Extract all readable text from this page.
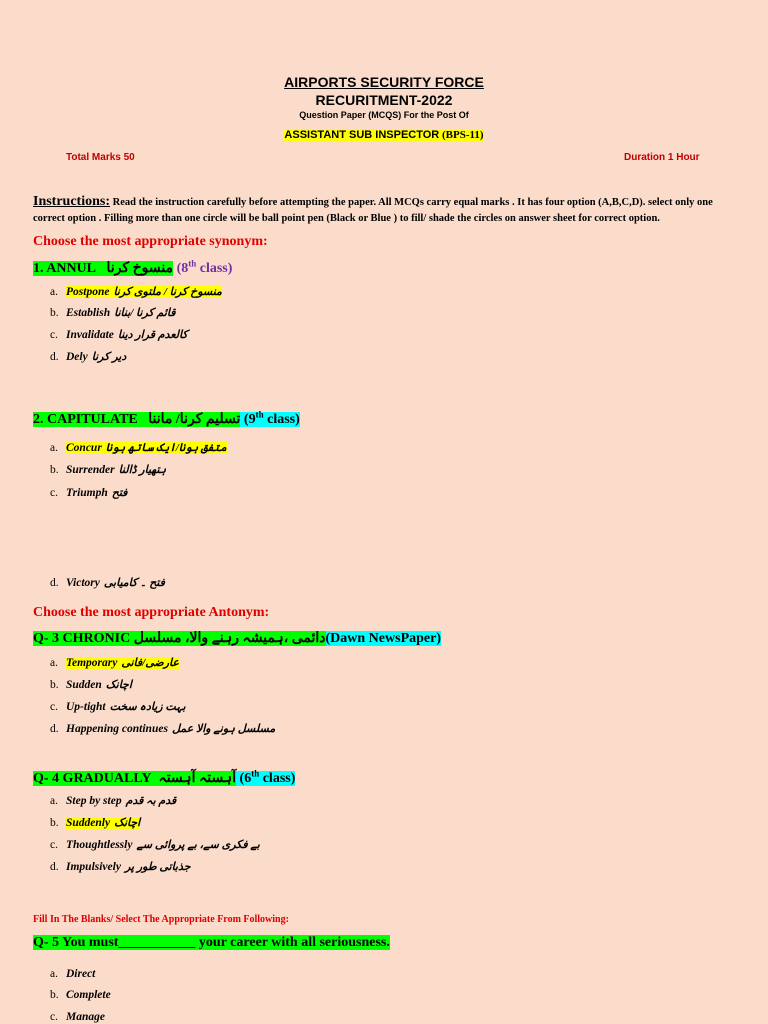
AIRPORTS SECURITY FORCE
RECURITMENT-2022
Question Paper (MCQS) For the Post Of
ASSISTANT SUB INSPECTOR (BPS-11)
Total Marks 50	Duration 1 Hour
Instructions: Read the instruction carefully before attempting the paper. All MCQs carry equal marks . It has four option (A,B,C,D). select only one correct option . Filling more than one circle will be ball point pen (Black or Blue ) to fill/ shade the circles on answer sheet for correct option.
Choose the most appropriate synonym:
1. ANNUL منسوخ کرنا (8th class)
a. Postpone منسوخ کرنا / ملتوی کرنا
b. Establish قائم کرنا /بنانا
c. Invalidate کالعدم قرار دینا
d. Dely دیر کرنا
2. CAPITULATE تسلیم کرنا/ ماننا (9th class)
a. Concur متفق ہونا/ایک ساتھ ہونا
b. Surrender ہتھیار ڈالنا
c. Triumph فتح
d. Victory فتح ۔ کامیابی
Choose the most appropriate Antonym:
Q- 3 CHRONIC دائمی ،ہمیشہ رہنے والا، مسلسل(Dawn NewsPaper)
a. Temporary عارضی/فانی
b. Sudden اچانک
c. Up-tight بہت زیادہ سخت
d. Happening continues مسلسل ہونے والا عمل
Q- 4 GRADUALLY آہستہ آہستہ (6th class)
a. Step by step قدم بہ قدم
b. Suddenly اچانک
c. Thoughtlessly بے فکری سے، بے پروائی سے
d. Impulsively جذباتی طور پر
Fill In The Blanks/ Select The Appropriate From Following:
Q- 5 You must___________ your career with all seriousness.
a. Direct
b. Complete
c. Manage
